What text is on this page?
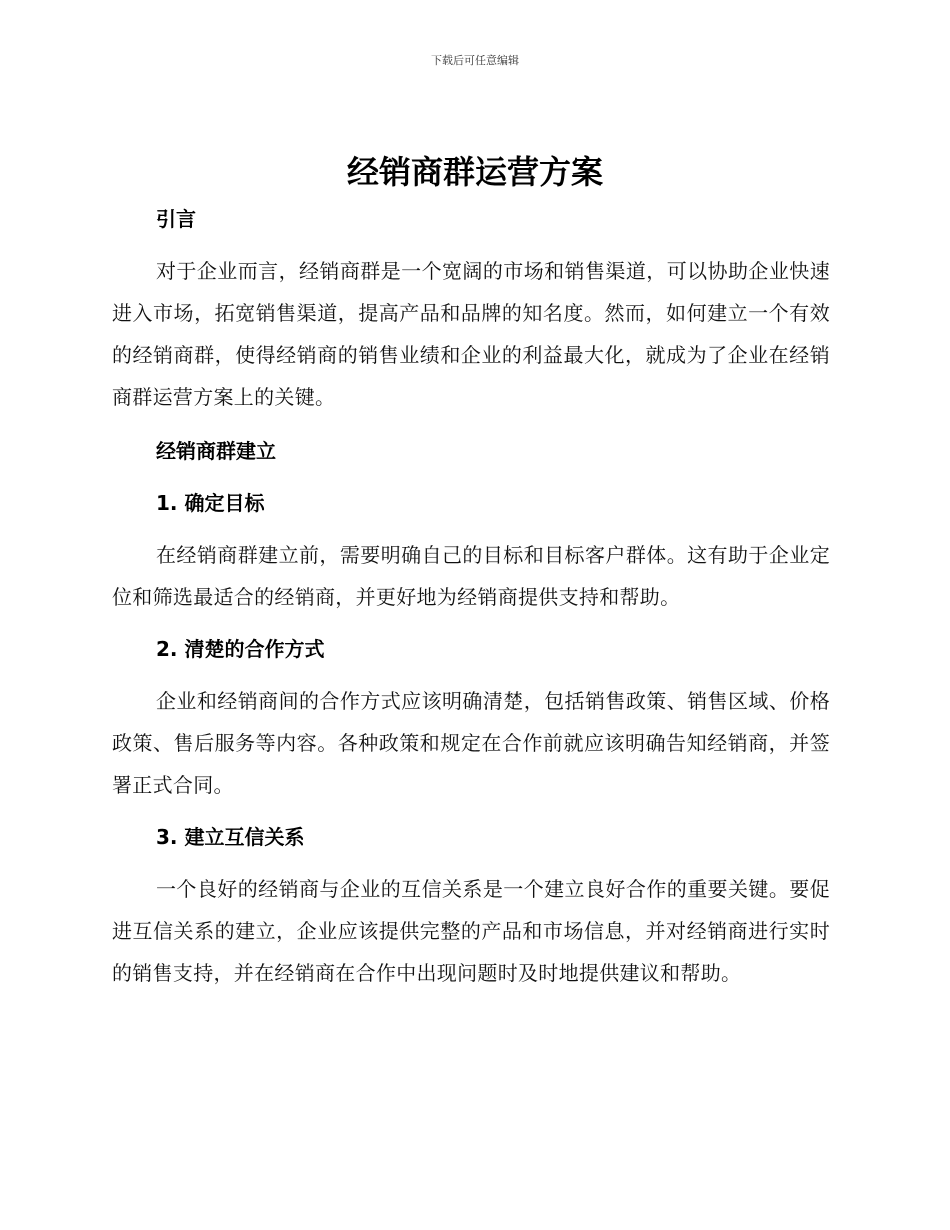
下载后可任意编辑
经销商群运营方案
引言

对于企业而言，经销商群是一个宽阔的市场和销售渠道，可以协助企业快速进入市场，拓宽销售渠道，提高产品和品牌的知名度。然而，如何建立一个有效的经销商群，使得经销商的销售业绩和企业的利益最大化，就成为了企业在经销商群运营方案上的关键。

经销商群建立
1. 确定目标

在经销商群建立前，需要明确自己的目标和目标客户群体。这有助于企业定位和筛选最适合的经销商，并更好地为经销商提供支持和帮助。

2. 清楚的合作方式

企业和经销商间的合作方式应该明确清楚，包括销售政策、销售区域、价格政策、售后服务等内容。各种政策和规定在合作前就应该明确告知经销商，并签署正式合同。

3. 建立互信关系

一个良好的经销商与企业的互信关系是一个建立良好合作的重要关键。要促进互信关系的建立，企业应该提供完整的产品和市场信息，并对经销商进行实时的销售支持，并在经销商在合作中出现问题时及时地提供建议和帮助。
